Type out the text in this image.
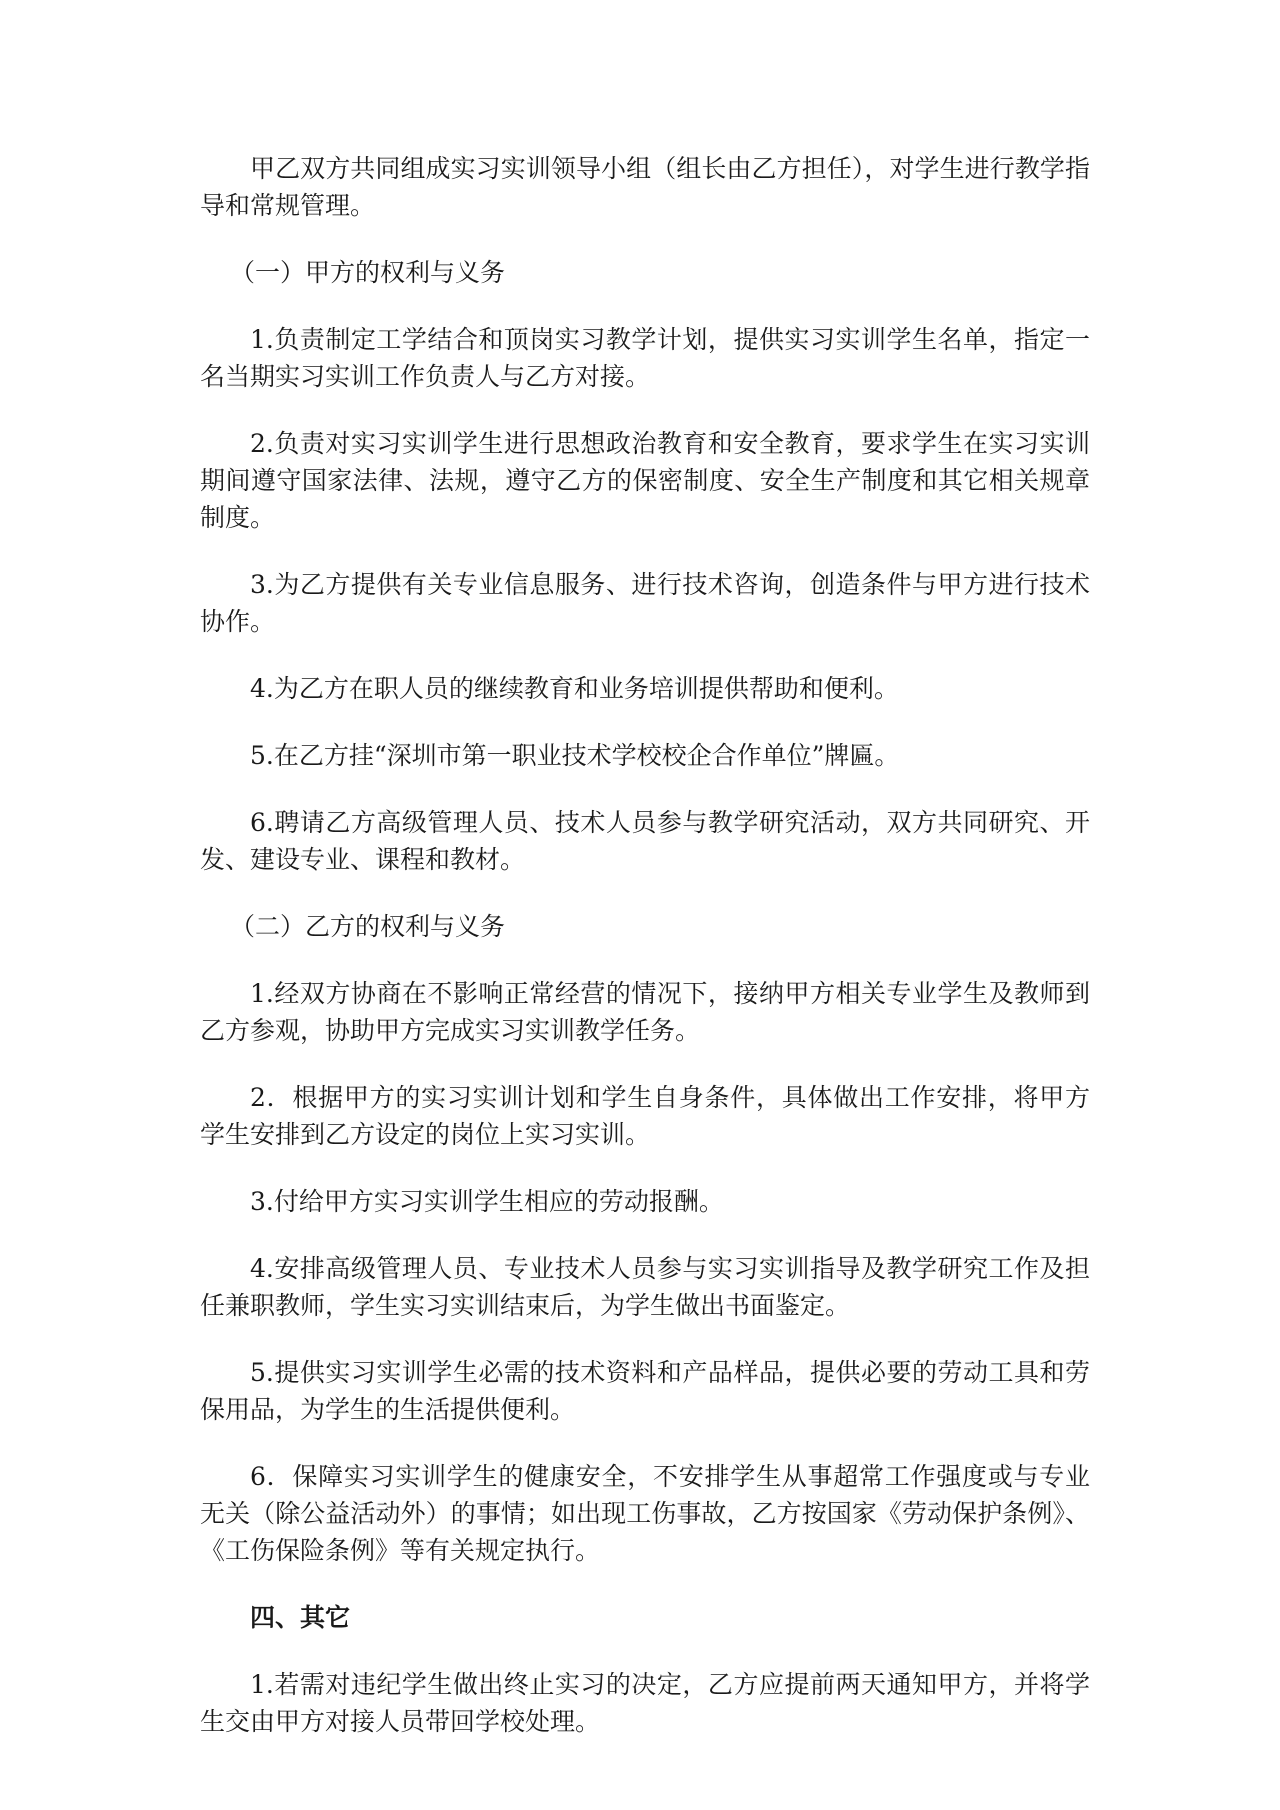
甲乙双方共同组成实习实训领导小组（组长由乙方担任），对学生进行教学指导和常规管理。

（一）甲方的权利与义务

1.负责制定工学结合和顶岗实习教学计划，提供实习实训学生名单，指定一名当期实习实训工作负责人与乙方对接。

2.负责对实习实训学生进行思想政治教育和安全教育，要求学生在实习实训期间遵守国家法律、法规，遵守乙方的保密制度、安全生产制度和其它相关规章制度。

3.为乙方提供有关专业信息服务、进行技术咨询，创造条件与甲方进行技术协作。

4.为乙方在职人员的继续教育和业务培训提供帮助和便利。

5.在乙方挂“深圳市第一职业技术学校校企合作单位”牌匾。

6.聘请乙方高级管理人员、技术人员参与教学研究活动，双方共同研究、开发、建设专业、课程和教材。

（二）乙方的权利与义务

1.经双方协商在不影响正常经营的情况下，接纳甲方相关专业学生及教师到乙方参观，协助甲方完成实习实训教学任务。

2．根据甲方的实习实训计划和学生自身条件，具体做出工作安排，将甲方学生安排到乙方设定的岗位上实习实训。

3.付给甲方实习实训学生相应的劳动报酬。

4.安排高级管理人员、专业技术人员参与实习实训指导及教学研究工作及担任兼职教师，学生实习实训结束后，为学生做出书面鉴定。

5.提供实习实训学生必需的技术资料和产品样品，提供必要的劳动工具和劳保用品，为学生的生活提供便利。

6．保障实习实训学生的健康安全，不安排学生从事超常工作强度或与专业无关（除公益活动外）的事情；如出现工伤事故，乙方按国家《劳动保护条例》、《工伤保险条例》等有关规定执行。

四、其它

1.若需对违纪学生做出终止实习的决定，乙方应提前两天通知甲方，并将学生交由甲方对接人员带回学校处理。
